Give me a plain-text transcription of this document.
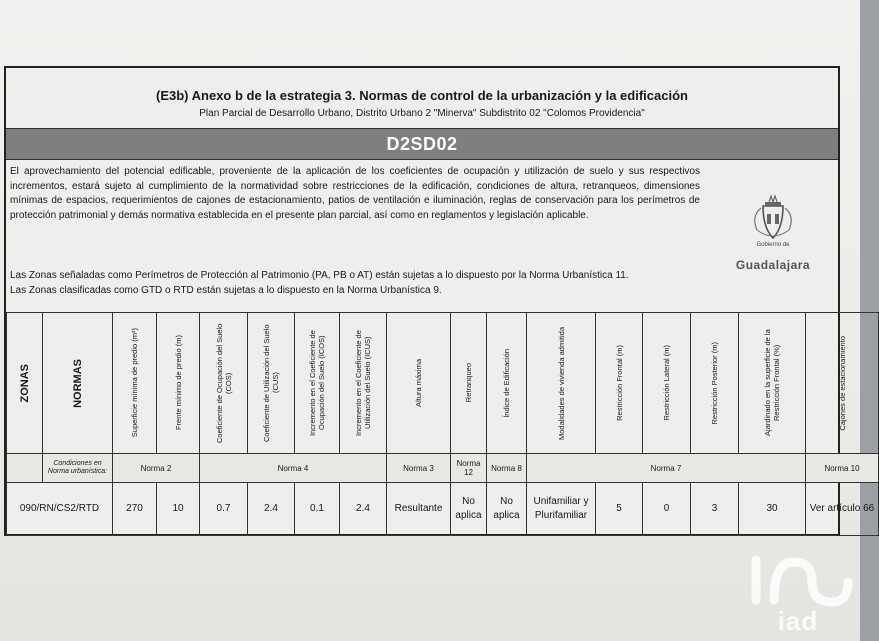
(E3b) Anexo b de la estrategia 3. Normas de control de la urbanización y la edificación
Plan Parcial de Desarrollo Urbano, Distrito Urbano 2 "Minerva" Subdistrito 02 "Colomos Providencia"
D2SD02

El aprovechamiento del potencial edificable, proveniente de la aplicación de los coeficientes de ocupación y utilización de suelo y sus respectivos incrementos, estará sujeto al cumplimiento de la normatividad sobre restricciones de la edificación, condiciones de altura, retranqueos, dimensiones mínimas de espacios, requerimientos de cajones de estacionamiento, patios de ventilación e iluminación, reglas de conservación para los perímetros de protección patrimonial y demás normativa establecida en el presente plan parcial, así como en reglamentos y legislación aplicable.

Las Zonas señaladas como Perímetros de Protección al Patrimonio (PA, PB o AT) están sujetas a lo dispuesto por la Norma Urbanística 11.

Las Zonas clasificadas como GTD o RTD están sujetas a lo dispuesto en la Norma Urbanística 9.

Gobierno de
Guadalajara
ZONAS	NORMAS	Superficie mínima de predio (m²)	Frente mínimo de predio (m)	Coeficiente de Ocupación del Suelo (COS)	Coeficiente de Utilización del Suelo (CUS)	Incremento en el Coeficiente de Ocupación del Suelo (ICOS)	Incremento en el Coeficiente de Utilización del Suelo (ICUS)	Altura máxima	Retranqueo	Índice de Edificación	Modalidades de vivienda admitida	Restricción Frontal (m)	Restricción Lateral (m)	Restricción Posterior (m)	Ajardinado en la superficie de la Restricción Frontal (%)	Cajones de estacionamiento

	Condiciones en Norma urbanística:	Norma 2		Norma 4				Norma 3	Norma 12	Norma 8	Norma 7					Norma 10
090/RN/CS2/RTD		270	10	0.7	2.4	0.1	2.4	Resultante	No aplica	No aplica	Unifamiliar y Plurifamiliar	5	0	3	30	Ver artículo 66
iad
